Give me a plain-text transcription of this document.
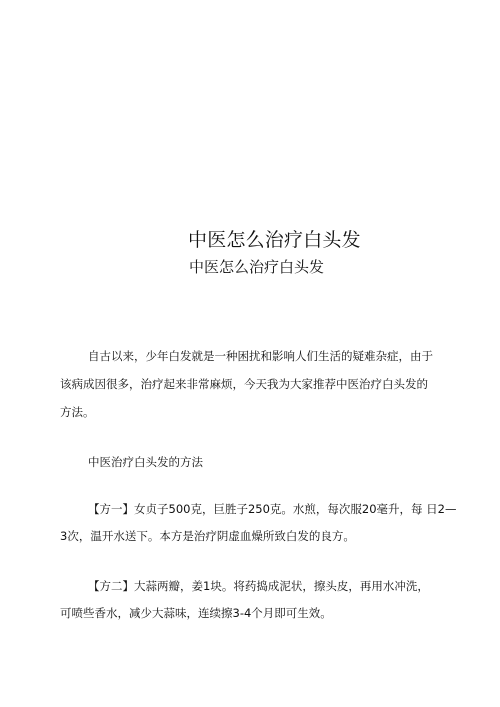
中医怎么治疗白头发
中医怎么治疗白头发
自古以来，少年白发就是一种困扰和影响人们生活的疑难杂症，由于
该病成因很多，治疗起来非常麻烦，今天我为大家推荐中医治疗白头发的
方法。
中医治疗白头发的方法
【方一】女贞子500克，巨胜子250克。水煎，每次服20毫升，每 日2—
3次，温开水送下。本方是治疗阴虚血燥所致白发的良方。
【方二】大蒜两瓣，姜1块。将药捣成泥状，擦头皮，再用水冲洗，
可喷些香水，减少大蒜味，连续擦3-4个月即可生效。
